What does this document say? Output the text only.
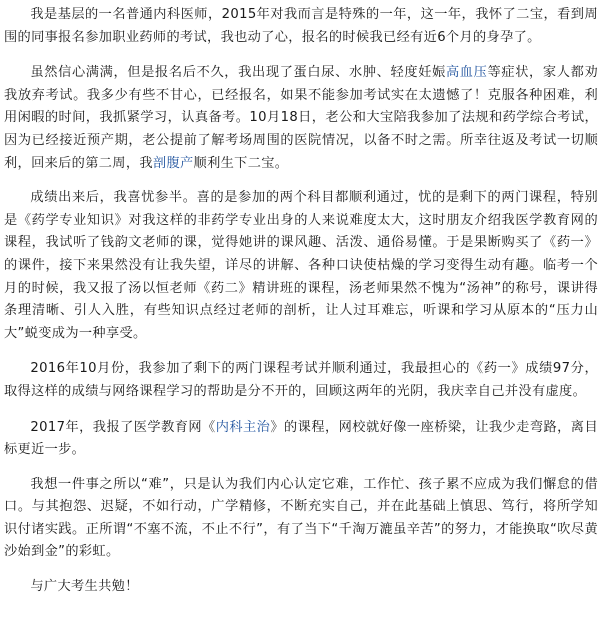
我是基层的一名普通内科医师，2015年对我而言是特殊的一年，这一年，我怀了二宝，看到周围的同事报名参加职业药师的考试，我也动了心，报名的时候我已经有近6个月的身孕了。

虽然信心满满，但是报名后不久，我出现了蛋白尿、水肿、轻度妊娠高血压等症状，家人都劝我放弃考试。我多少有些不甘心，已经报名，如果不能参加考试实在太遗憾了！克服各种困难，利用闲暇的时间，我抓紧学习，认真备考。10月18日，老公和大宝陪我参加了法规和药学综合考试，因为已经接近预产期，老公提前了解考场周围的医院情况，以备不时之需。所幸往返及考试一切顺利，回来后的第二周，我剖腹产顺利生下二宝。

成绩出来后，我喜忧参半。喜的是参加的两个科目都顺利通过，忧的是剩下的两门课程，特别是《药学专业知识》对我这样的非药学专业出身的人来说难度太大，这时朋友介绍我医学教育网的课程，我试听了钱韵文老师的课，觉得她讲的课风趣、活泼、通俗易懂。于是果断购买了《药一》的课件，接下来果然没有让我失望，详尽的讲解、各种口诀使枯燥的学习变得生动有趣。临考一个月的时候，我又报了汤以恒老师《药二》精讲班的课程，汤老师果然不愧为“汤神”的称号，课讲得条理清晰、引人入胜，有些知识点经过老师的剖析，让人过耳难忘，听课和学习从原本的“压力山大”蜕变成为一种享受。

2016年10月份，我参加了剩下的两门课程考试并顺利通过，我最担心的《药一》成绩97分，取得这样的成绩与网络课程学习的帮助是分不开的，回顾这两年的光阴，我庆幸自己并没有虚度。

2017年，我报了医学教育网《内科主治》的课程，网校就好像一座桥梁，让我少走弯路，离目标更近一步。

我想一件事之所以“难”，只是认为我们内心认定它难，工作忙、孩子累不应成为我们懈怠的借口。与其抱怨、迟疑，不如行动，广学精修，不断充实自己，并在此基础上慎思、笃行，将所学知识付诸实践。正所谓“不塞不流，不止不行”，有了当下“千淘万漉虽辛苦”的努力，才能换取“吹尽黄沙始到金”的彩虹。

与广大考生共勉！
